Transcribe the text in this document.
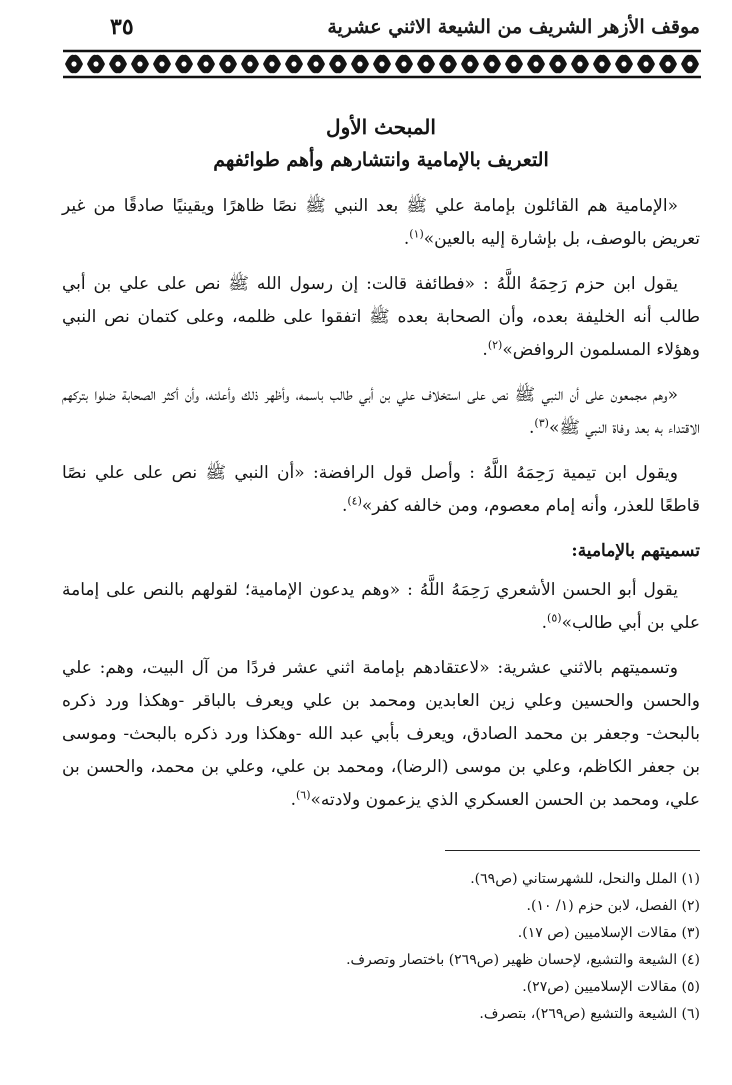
موقف الأزهر الشريف من الشيعة الاثني عشرية
٣٥

المبحث الأول

التعريف بالإمامية وانتشارهم وأهم طوائفهم

«الإمامية هم القائلون بإمامة علي ﷺ بعد النبي ﷺ نصًا ظاهرًا ويقينيًا صادقًا من غير تعريض بالوصف، بل بإشارة إليه بالعين»$^{(١)}$.

يقول ابن حزم رَحِمَهُ اللَّهُ : «فطائفة قالت: إن رسول الله ﷺ نص على علي بن أبي طالب أنه الخليفة بعده، وأن الصحابة بعده ﷺ اتفقوا على ظلمه، وعلى كتمان نص النبي وهؤلاء المسلمون الروافض»$^{(٢)}$.

«وهم مجمعون على أن النبي ﷺ نص على استخلاف علي بن أبي طالب باسمه، وأظهر ذلك وأعلنه، وأن أكثر الصحابة ضلوا بتركهم الاقتداء به بعد وفاة النبي ﷺ»$^{(٣)}$.

ويقول ابن تيمية رَحِمَهُ اللَّهُ : وأصل قول الرافضة: «أن النبي ﷺ نص على علي نصًا قاطعًا للعذر، وأنه إمام معصوم، ومن خالفه كفر»$^{(٤)}$.

تسميتهم بالإمامية:

يقول أبو الحسن الأشعري رَحِمَهُ اللَّهُ : «وهم يدعون الإمامية؛ لقولهم بالنص على إمامة علي بن أبي طالب»$^{(٥)}$.

وتسميتهم بالاثني عشرية: «لاعتقادهم بإمامة اثني عشر فردًا من آل البيت، وهم: علي والحسن والحسين وعلي زين العابدين ومحمد بن علي ويعرف بالباقر -وهكذا ورد ذكره بالبحث- وجعفر بن محمد الصادق، ويعرف بأبي عبد الله -وهكذا ورد ذكره بالبحث- وموسى بن جعفر الكاظم، وعلي بن موسى (الرضا)، ومحمد بن علي، وعلي بن محمد، والحسن بن علي، ومحمد بن الحسن العسكري الذي يزعمون ولادته»$^{(٦)}$.

(١) الملل والنحل، للشهرستاني (ص٦٩).
(٢) الفصل، لابن حزم (١/ ١٠).
(٣) مقالات الإسلاميين (ص ١٧).
(٤) الشيعة والتشيع، لإحسان ظهير (ص٢٦٩) باختصار وتصرف.
(٥) مقالات الإسلاميين (ص٢٧).
(٦) الشيعة والتشيع (ص٢٦٩)، بتصرف.
